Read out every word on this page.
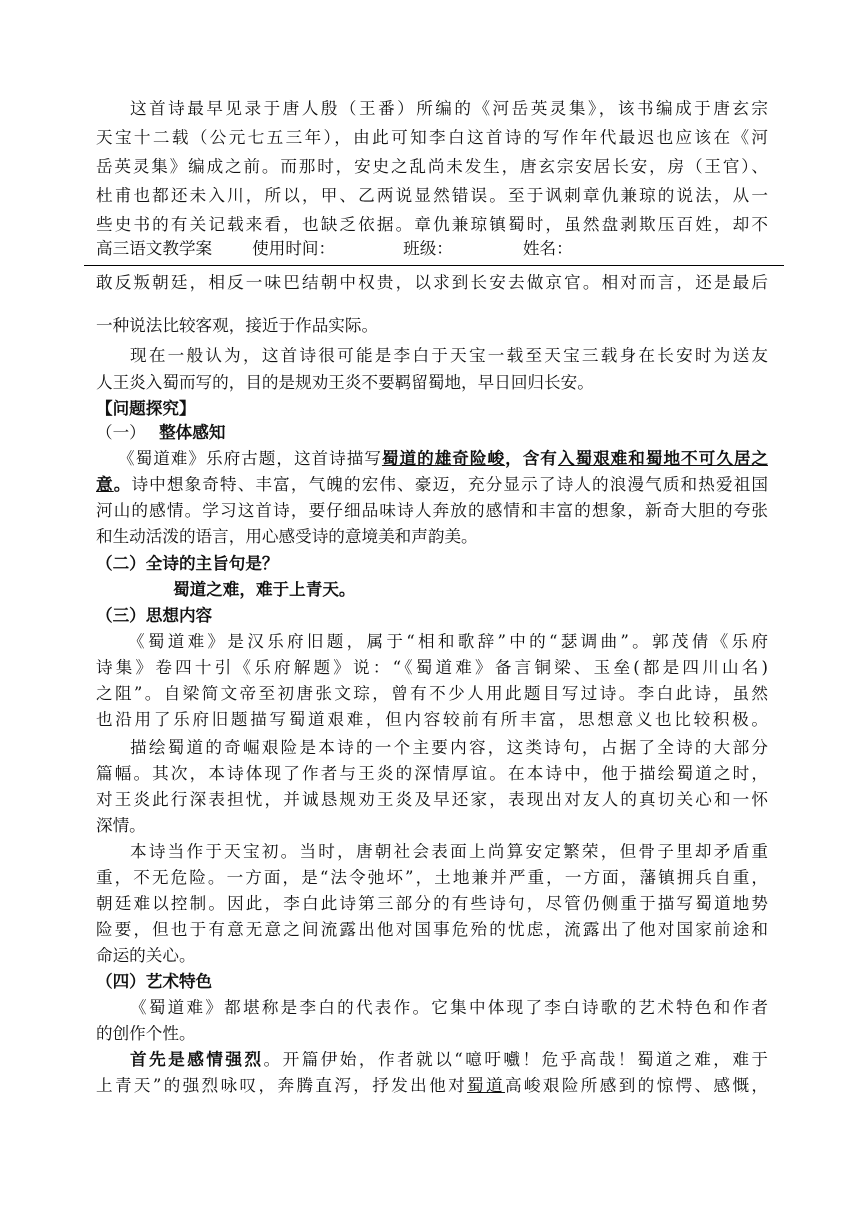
这首诗最早见录于唐人殷（王番）所编的《河岳英灵集》，该书编成于唐玄宗
天宝十二载（公元七五三年），由此可知李白这首诗的写作年代最迟也应该在《河
岳英灵集》编成之前。而那时，安史之乱尚未发生，唐玄宗安居长安，房（王官）、
杜甫也都还未入川，所以，甲、乙两说显然错误。至于讽刺章仇兼琼的说法，从一
些史书的有关记载来看，也缺乏依据。章仇兼琼镇蜀时，虽然盘剥欺压百姓，却不
高三语文教学案 使用时间：	班级：	姓名：
敢反叛朝廷，相反一味巴结朝中权贵，以求到长安去做京官。相对而言，还是最后
一种说法比较客观，接近于作品实际。
现在一般认为，这首诗很可能是李白于天宝一载至天宝三载身在长安时为送友
人王炎入蜀而写的，目的是规劝王炎不要羁留蜀地，早日回归长安。
【问题探究】
（一） 整体感知
《蜀道难》乐府古题，这首诗描写蜀道的雄奇险峻，含有入蜀艰难和蜀地不可久居之
意。诗中想象奇特、丰富，气魄的宏伟、豪迈，充分显示了诗人的浪漫气质和热爱祖国
河山的感情。学习这首诗，要仔细品味诗人奔放的感情和丰富的想象，新奇大胆的夸张
和生动活泼的语言，用心感受诗的意境美和声韵美。
（二）全诗的主旨句是？
蜀道之难，难于上青天。
（三）思想内容
《蜀道难》是汉乐府旧题，属于“相和歌辞”中的“瑟调曲”。郭茂倩《乐府
诗集》卷四十引《乐府解题》说：“《蜀道难》备言铜梁、玉垒(都是四川山名)
之阻”。自梁简文帝至初唐张文琮，曾有不少人用此题目写过诗。李白此诗，虽然
也沿用了乐府旧题描写蜀道艰难，但内容较前有所丰富，思想意义也比较积极。
描绘蜀道的奇崛艰险是本诗的一个主要内容，这类诗句，占据了全诗的大部分
篇幅。其次，本诗体现了作者与王炎的深情厚谊。在本诗中，他于描绘蜀道之时，
对王炎此行深表担忧，并诚恳规劝王炎及早还家，表现出对友人的真切关心和一怀
深情。
本诗当作于天宝初。当时，唐朝社会表面上尚算安定繁荣，但骨子里却矛盾重
重，不无危险。一方面，是“法令弛坏”，土地兼并严重，一方面，藩镇拥兵自重，
朝廷难以控制。因此，李白此诗第三部分的有些诗句，尽管仍侧重于描写蜀道地势
险要，但也于有意无意之间流露出他对国事危殆的忧虑，流露出了他对国家前途和
命运的关心。
（四）艺术特色
《蜀道难》都堪称是李白的代表作。它集中体现了李白诗歌的艺术特色和作者
的创作个性。
首先是感情强烈。开篇伊始，作者就以“噫吁嚱！危乎高哉！蜀道之难，难于
上青天”的强烈咏叹，奔腾直泻，抒发出他对蜀道高峻艰险所感到的惊愕、感慨，
